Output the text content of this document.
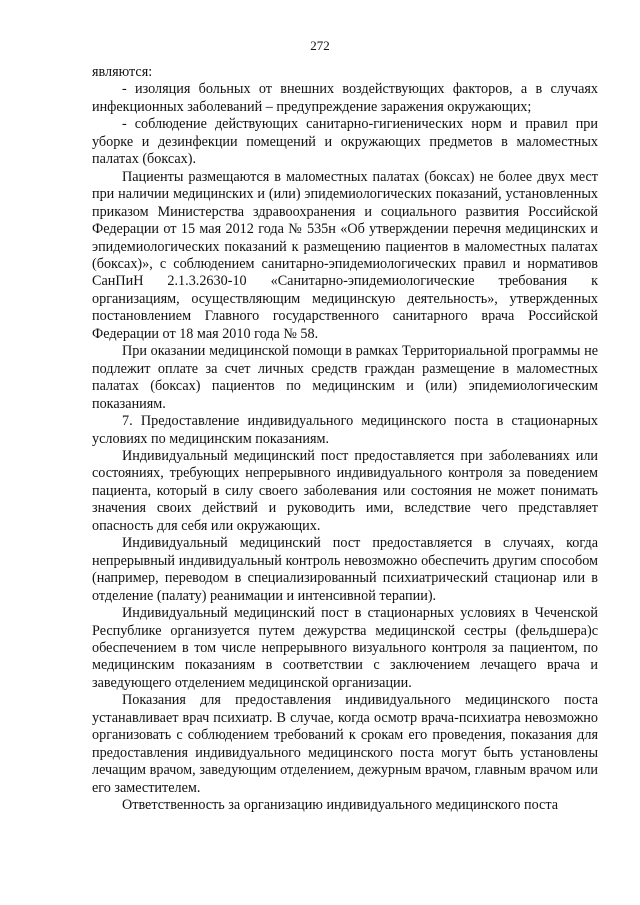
272

являются:

- изоляция больных от внешних воздействующих факторов, а в случаях инфекционных заболеваний – предупреждение заражения окружающих;

- соблюдение действующих санитарно-гигиенических норм и правил при уборке и дезинфекции помещений и окружающих предметов в маломестных палатах (боксах).

Пациенты размещаются в маломестных палатах (боксах) не более двух мест при наличии медицинских и (или) эпидемиологических показаний, установленных приказом Министерства здравоохранения и социального развития Российской Федерации от 15 мая 2012 года № 535н «Об утверждении перечня медицинских и эпидемиологических показаний к размещению пациентов в маломестных палатах (боксах)», с соблюдением санитарно-эпидемиологических правил и нормативов СанПиН 2.1.3.2630-10 «Санитарно-эпидемиологические требования к организациям, осуществляющим медицинскую деятельность», утвержденных постановлением Главного государственного санитарного врача Российской Федерации от 18 мая 2010 года № 58.

При оказании медицинской помощи в рамках Территориальной программы не подлежит оплате за счет личных средств граждан размещение в маломестных палатах (боксах) пациентов по медицинским и (или) эпидемиологическим показаниям.

7. Предоставление индивидуального медицинского поста в стационарных условиях по медицинским показаниям.

Индивидуальный медицинский пост предоставляется при заболеваниях или состояниях, требующих непрерывного индивидуального контроля за поведением пациента, который в силу своего заболевания или состояния не может понимать значения своих действий и руководить ими, вследствие чего представляет опасность для себя или окружающих.

Индивидуальный медицинский пост предоставляется в случаях, когда непрерывный индивидуальный контроль невозможно обеспечить другим способом (например, переводом в специализированный психиатрический стационар или в отделение (палату) реанимации и интенсивной терапии).

Индивидуальный медицинский пост в стационарных условиях в Чеченской Республике организуется путем дежурства медицинской сестры (фельдшера)с обеспечением в том числе непрерывного визуального контроля за пациентом, по медицинским показаниям в соответствии с заключением лечащего врача и заведующего отделением медицинской организации.

Показания для предоставления индивидуального медицинского поста устанавливает врач психиатр. В случае, когда осмотр врача-психиатра невозможно организовать с соблюдением требований к срокам его проведения, показания для предоставления индивидуального медицинского поста могут быть установлены лечащим врачом, заведующим отделением, дежурным врачом, главным врачом или его заместителем.

Ответственность за организацию индивидуального медицинского поста
